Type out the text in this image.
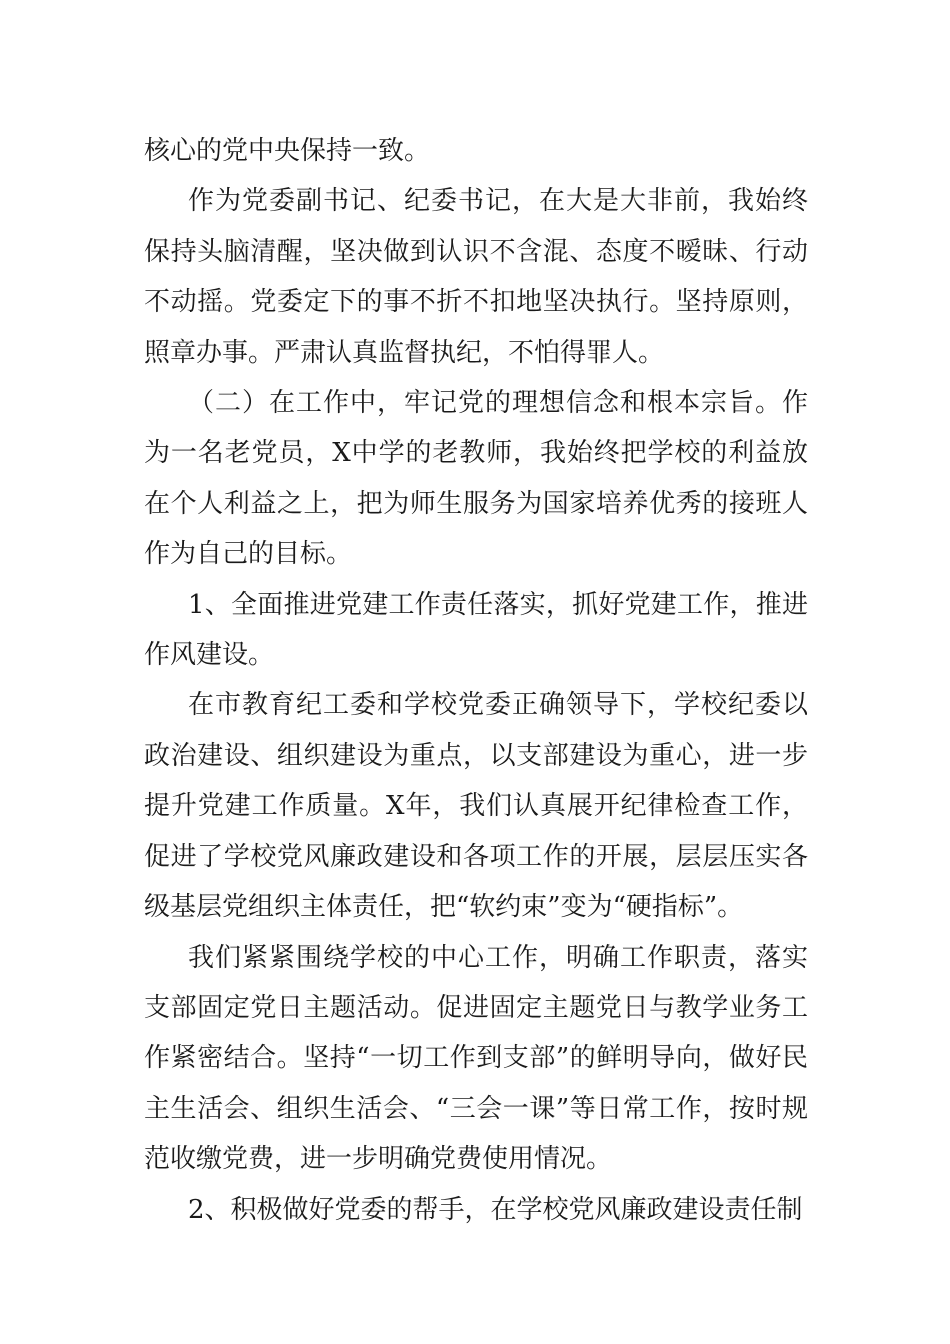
核心的党中央保持一致。

作为党委副书记、纪委书记，在大是大非前，我始终保持头脑清醒，坚决做到认识不含混、态度不暧昧、行动不动摇。党委定下的事不折不扣地坚决执行。坚持原则，照章办事。严肃认真监督执纪，不怕得罪人。

（二）在工作中，牢记党的理想信念和根本宗旨。作为一名老党员，X中学的老教师，我始终把学校的利益放在个人利益之上，把为师生服务为国家培养优秀的接班人作为自己的目标。

1、全面推进党建工作责任落实，抓好党建工作，推进作风建设。

在市教育纪工委和学校党委正确领导下，学校纪委以政治建设、组织建设为重点，以支部建设为重心，进一步提升党建工作质量。X年，我们认真展开纪律检查工作，促进了学校党风廉政建设和各项工作的开展，层层压实各级基层党组织主体责任，把“软约束”变为“硬指标”。

我们紧紧围绕学校的中心工作，明确工作职责，落实支部固定党日主题活动。促进固定主题党日与教学业务工作紧密结合。坚持“一切工作到支部”的鲜明导向，做好民主生活会、组织生活会、“三会一课”等日常工作，按时规范收缴党费，进一步明确党费使用情况。

2、积极做好党委的帮手，在学校党风廉政建设责任制
